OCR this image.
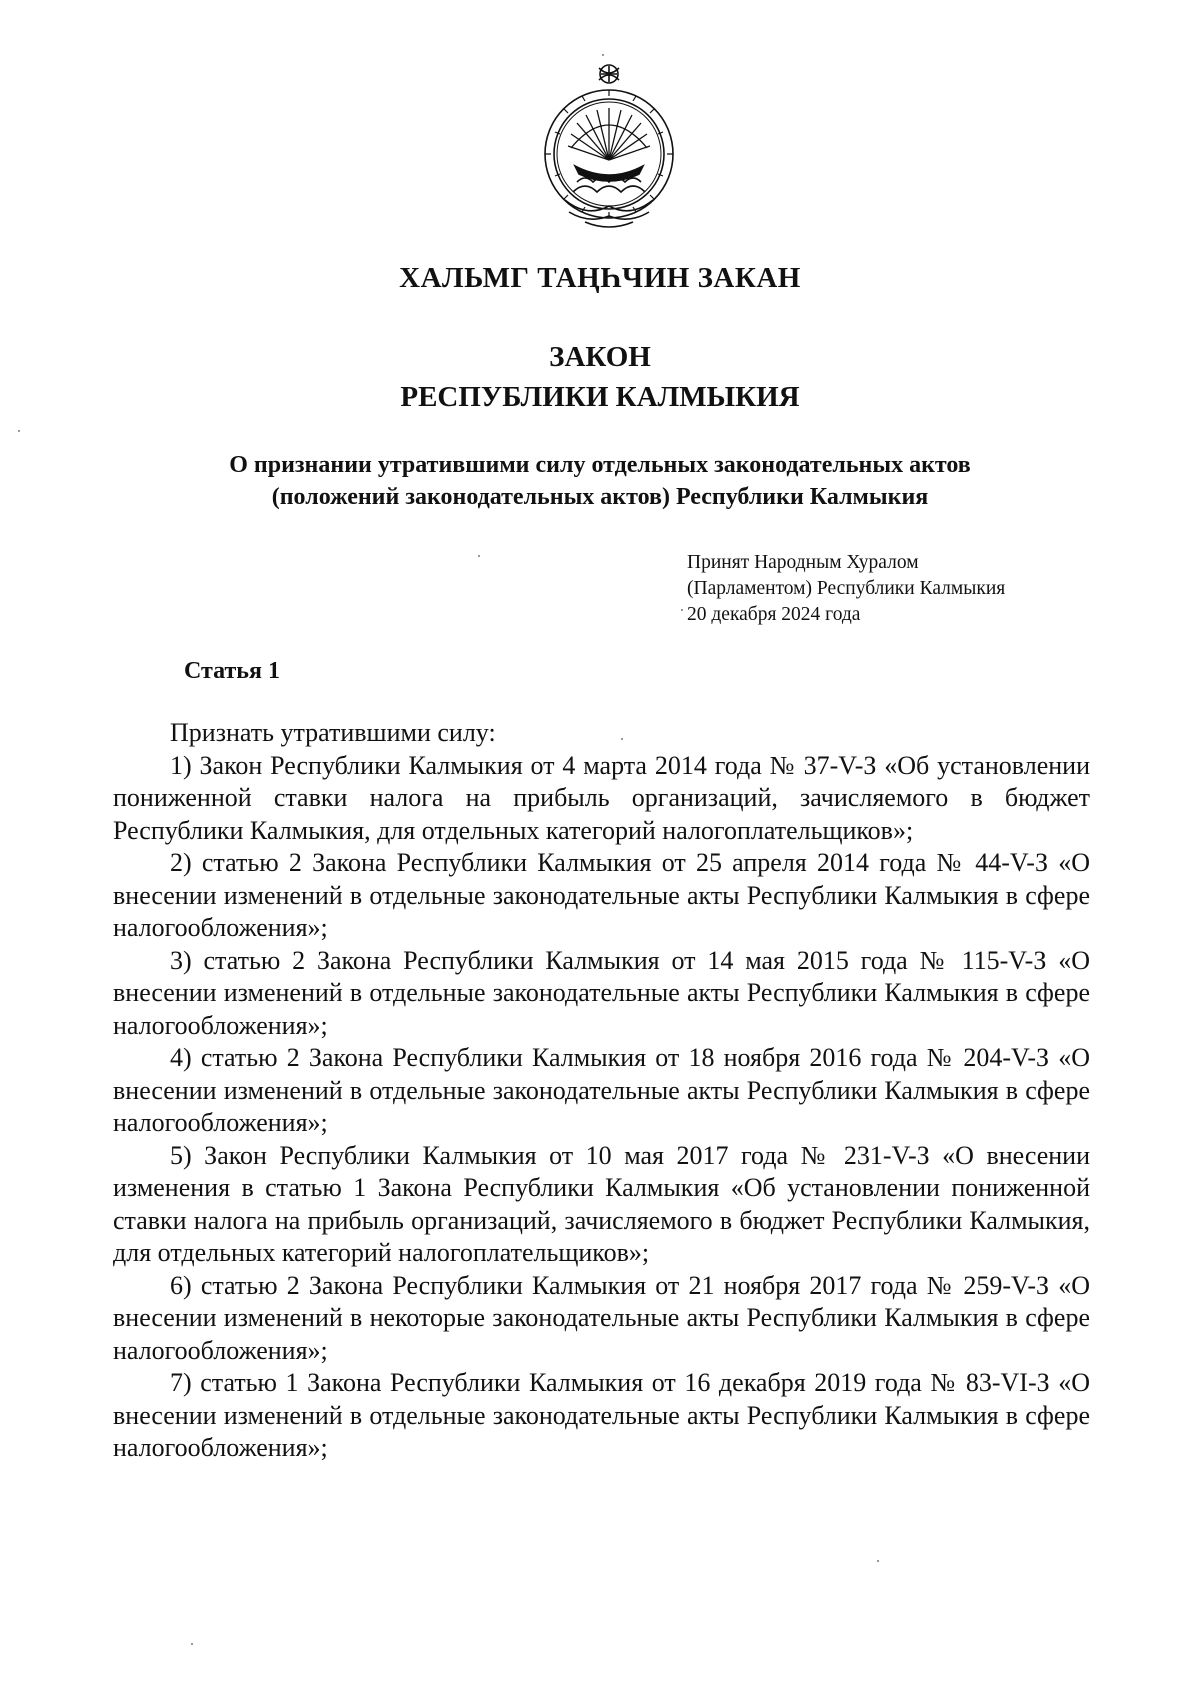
ХАЛЬМГ ТАҢҺЧИН ЗАКАН
ЗАКОН
РЕСПУБЛИКИ КАЛМЫКИЯ
О признании утратившими силу отдельных законодательных актов
(положений законодательных актов) Республики Калмыкия
Принят Народным Хуралом
(Парламентом) Республики Калмыкия
20 декабря 2024 года
Статья 1

Признать утратившими силу:

1) Закон Республики Калмыкия от 4 марта 2014 года № 37-V-З «Об установлении пониженной ставки налога на прибыль организаций, зачисляемого в бюджет Республики Калмыкия, для отдельных категорий налогоплательщиков»;

2) статью 2 Закона Республики Калмыкия от 25 апреля 2014 года № 44-V-З «О внесении изменений в отдельные законодательные акты Республики Калмыкия в сфере налогообложения»;

3) статью 2 Закона Республики Калмыкия от 14 мая 2015 года № 115-V-З «О внесении изменений в отдельные законодательные акты Республики Калмыкия в сфере налогообложения»;

4) статью 2 Закона Республики Калмыкия от 18 ноября 2016 года № 204-V-З «О внесении изменений в отдельные законодательные акты Республики Калмыкия в сфере налогообложения»;

5) Закон Республики Калмыкия от 10 мая 2017 года № 231-V-З «О внесении изменения в статью 1 Закона Республики Калмыкия «Об установлении пониженной ставки налога на прибыль организаций, зачисляемого в бюджет Республики Калмыкия, для отдельных категорий налогоплательщиков»;

6) статью 2 Закона Республики Калмыкия от 21 ноября 2017 года № 259-V-З «О внесении изменений в некоторые законодательные акты Республики Калмыкия в сфере налогообложения»;

7) статью 1 Закона Республики Калмыкия от 16 декабря 2019 года № 83-VI-З «О внесении изменений в отдельные законодательные акты Республики Калмыкия в сфере налогообложения»;
